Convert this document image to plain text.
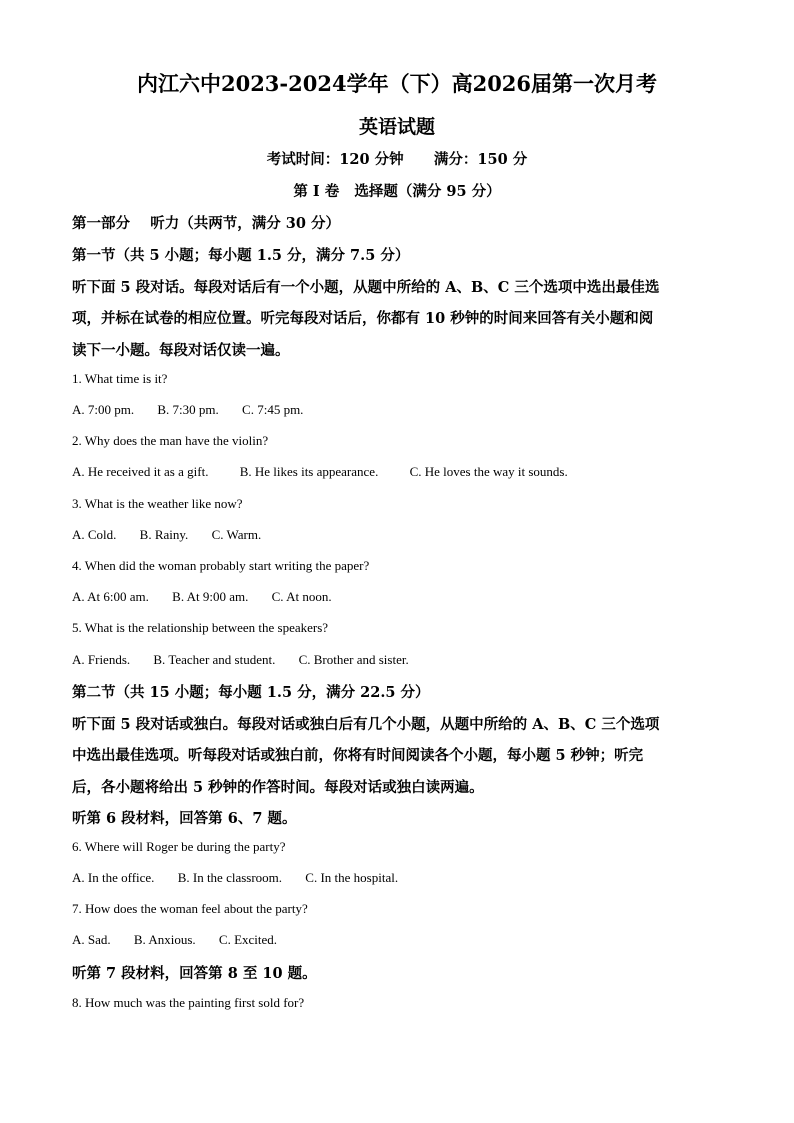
内江六中2023-2024学年（下）高2026届第一次月考
英语试题
考试时间：120 分钟      满分：150 分
第 I 卷   选择题（满分 95 分）
第一部分    听力（共两节，满分 30 分）
第一节（共 5 小题；每小题 1.5 分，满分 7.5 分）
听下面 5 段对话。每段对话后有一个小题，从题中所给的 A、B、C 三个选项中选出最佳选
项，并标在试卷的相应位置。听完每段对话后，你都有 10 秒钟的时间来回答有关小题和阅
读下一小题。每段对话仅读一遍。
1. What time is it?
A. 7:00 pm. B. 7:30 pm. C. 7:45 pm.
2. Why does the man have the violin?
A. He received it as a gift. B. He likes its appearance. C. He loves the way it sounds.
3. What is the weather like now?
A. Cold. B. Rainy. C. Warm.
4. When did the woman probably start writing the paper?
A. At 6:00 am. B. At 9:00 am. C. At noon.
5. What is the relationship between the speakers?
A. Friends. B. Teacher and student. C. Brother and sister.
第二节（共 15 小题；每小题 1.5 分，满分 22.5 分）
听下面 5 段对话或独白。每段对话或独白后有几个小题，从题中所给的 A、B、C 三个选项
中选出最佳选项。听每段对话或独白前，你将有时间阅读各个小题，每小题 5 秒钟；听完
后，各小题将给出 5 秒钟的作答时间。每段对话或独白读两遍。
听第 6 段材料，回答第 6、7 题。
6. Where will Roger be during the party?
A. In the office. B. In the classroom. C. In the hospital.
7. How does the woman feel about the party?
A. Sad. B. Anxious. C. Excited.
听第 7 段材料，回答第 8 至 10 题。
8. How much was the painting first sold for?
